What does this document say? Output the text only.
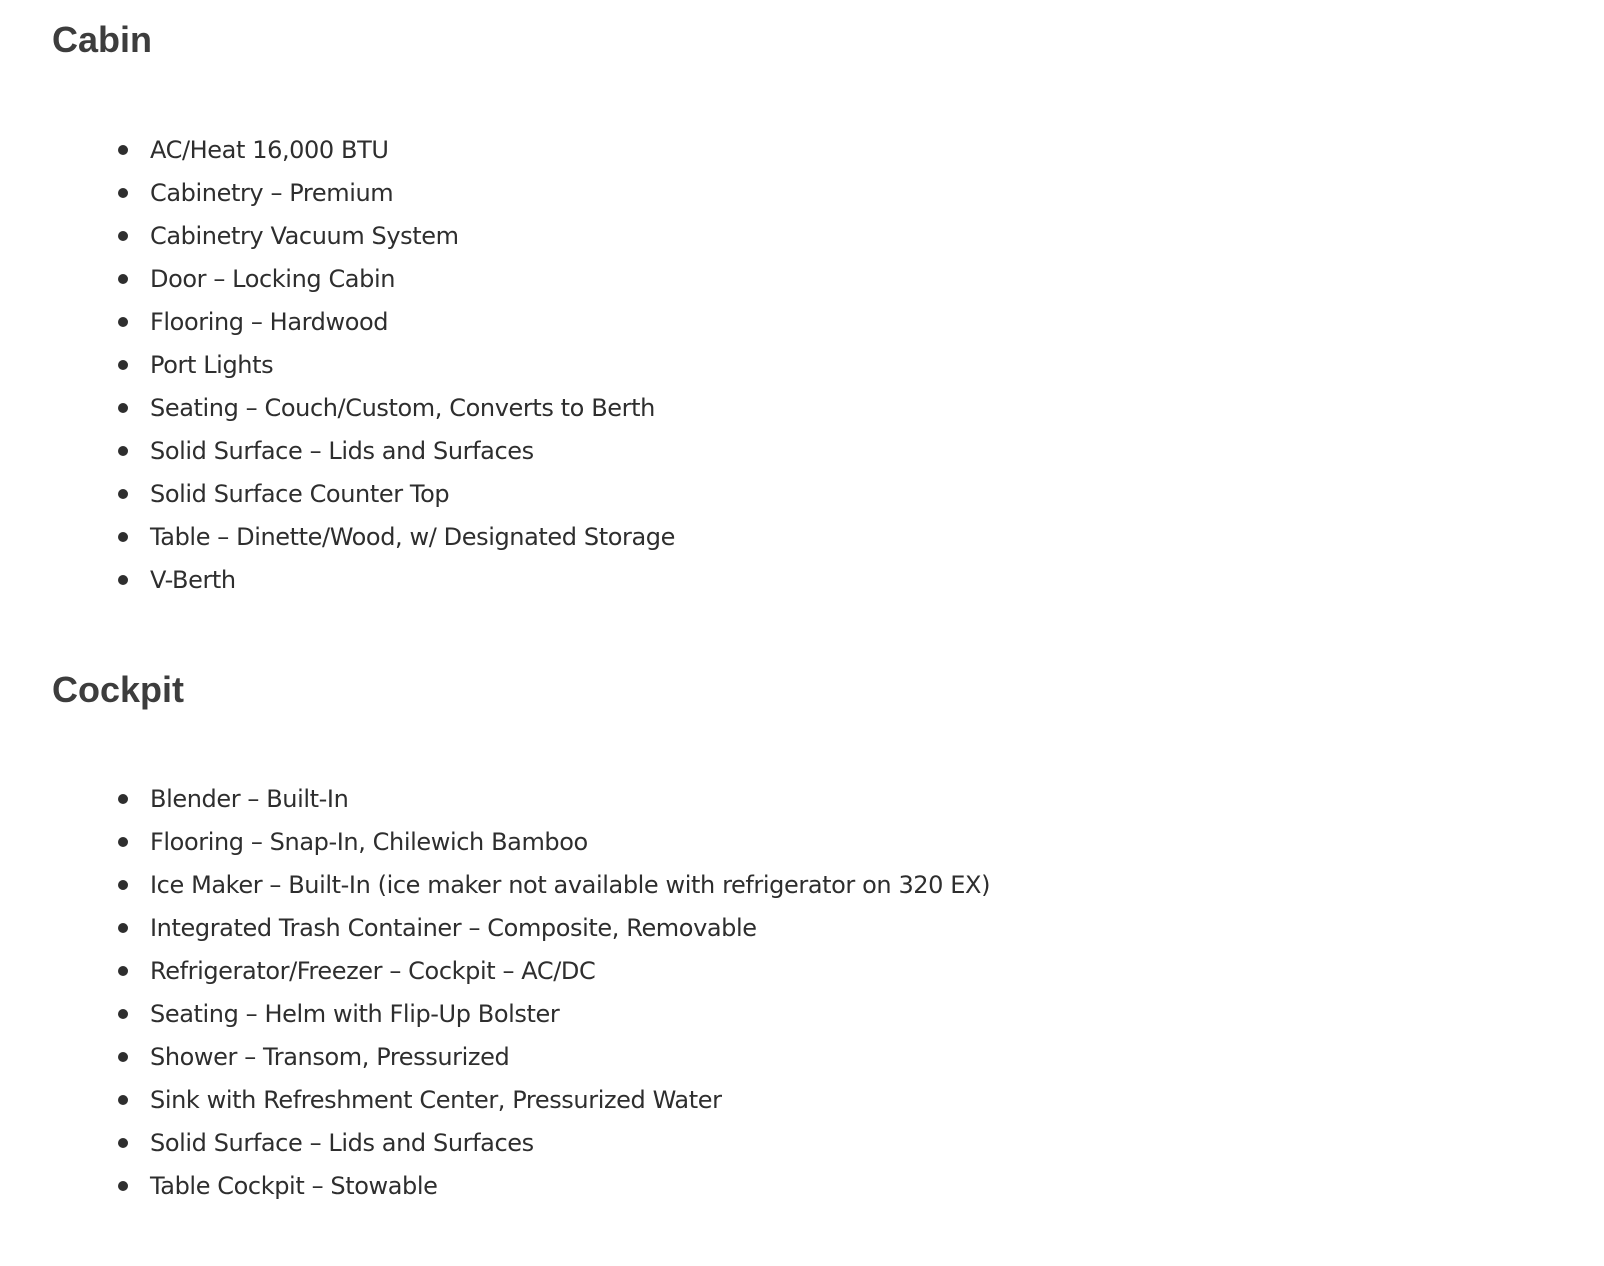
Cabin
AC/Heat 16,000 BTU
Cabinetry – Premium
Cabinetry Vacuum System
Door – Locking Cabin
Flooring – Hardwood
Port Lights
Seating – Couch/Custom, Converts to Berth
Solid Surface – Lids and Surfaces
Solid Surface Counter Top
Table – Dinette/Wood, w/ Designated Storage
V-Berth
Cockpit
Blender – Built-In
Flooring – Snap-In, Chilewich Bamboo
Ice Maker – Built-In (ice maker not available with refrigerator on 320 EX)
Integrated Trash Container – Composite, Removable
Refrigerator/Freezer – Cockpit – AC/DC
Seating – Helm with Flip-Up Bolster
Shower – Transom, Pressurized
Sink with Refreshment Center, Pressurized Water
Solid Surface – Lids and Surfaces
Table Cockpit – Stowable
